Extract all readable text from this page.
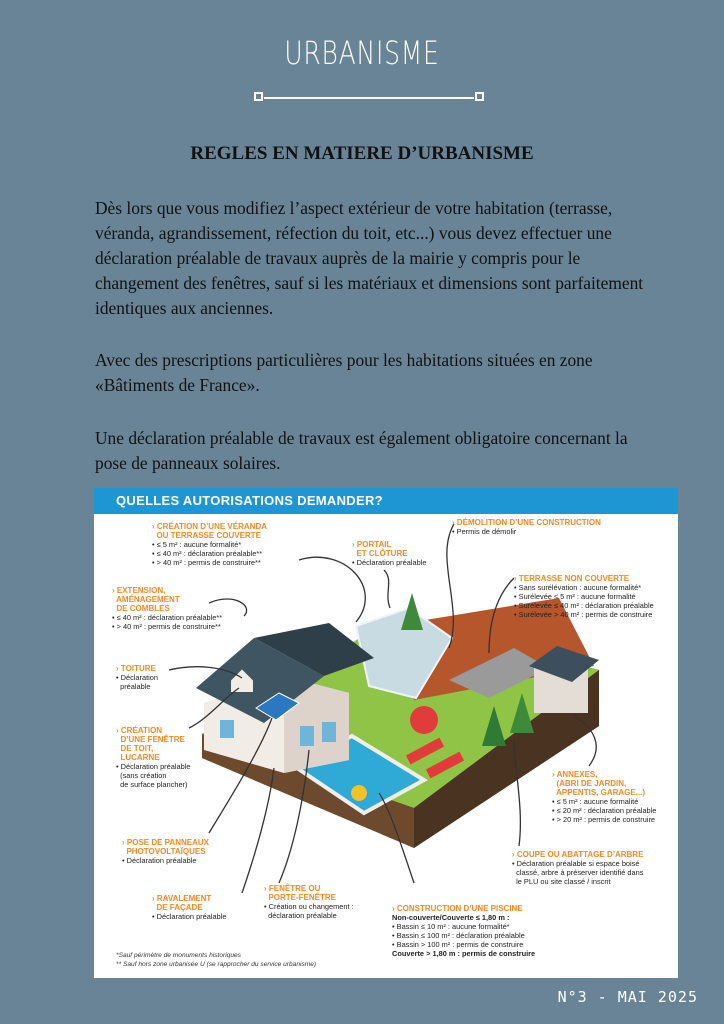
URBANISME
REGLES EN MATIERE D’URBANISME

Dès lors que vous modifiez l’aspect extérieur de votre habitation (terrasse, véranda, agrandissement, réfection du toit, etc...) vous devez effectuer une déclaration préalable de travaux auprès de la mairie y compris pour le changement des fenêtres, sauf si les matériaux et dimensions sont parfaitement identiques aux anciennes.

Avec des prescriptions particulières pour les habitations situées en zone «Bâtiments de France».

Une déclaration préalable de travaux est également obligatoire concernant la pose de panneaux solaires.

QUELLES AUTORISATIONS DEMANDER?
› CRÉATION D’UNE VÉRANDA
OU TERRASSE COUVERTE
• ≤ 5 m² : aucune formalité*
• ≤ 40 m² : déclaration préalable**
• > 40 m² : permis de construire**
› PORTAIL
ET CLÔTURE
• Déclaration préalable
› DÉMOLITION D’UNE CONSTRUCTION
• Permis de démolir
› EXTENSION,
AMÉNAGEMENT
DE COMBLES
• ≤ 40 m² : déclaration préalable**
• > 40 m² : permis de construire**
› TERRASSE NON COUVERTE
• Sans surélévation : aucune formalité*
• Surélevée ≤ 5 m² : aucune formalité
• Surélevée ≤ 40 m² : déclaration préalable
• Surélevée > 40 m² : permis de construire
› TOITURE
• Déclaration
préalable
› CRÉATION
D’UNE FENÊTRE
DE TOIT,
LUCARNE
• Déclaration préalable
(sans création
de surface plancher)
› ANNEXES,
(ABRI DE JARDIN,
APPENTIS, GARAGE...)
• ≤ 5 m² : aucune formalité
• ≤ 20 m² : déclaration préalable
• > 20 m² : permis de construire
› POSE DE PANNEAUX
PHOTOVOLTAÏQUES
• Déclaration préalable
› COUPE OU ABATTAGE D’ARBRE
• Déclaration préalable si espace boisé
classé, arbre à préserver identifié dans
le PLU ou site classé / inscrit
› RAVALEMENT
DE FAÇADE
• Déclaration préalable
› FENÊTRE OU
PORTE-FENÊTRE
• Création ou changement :
déclaration préalable
› CONSTRUCTION D’UNE PISCINE
Non-couverte/Couverte ≤ 1,80 m :
• Bassin ≤ 10 m² : aucune formalité*
• Bassin ≤ 100 m² : déclaration préalable
• Bassin > 100 m² : permis de construire
Couverte > 1,80 m : permis de construire
*Sauf périmètre de monuments historiques
** Sauf hors zone urbanisée U (se rapprocher du service urbanisme)
N°3 - MAI 2025
